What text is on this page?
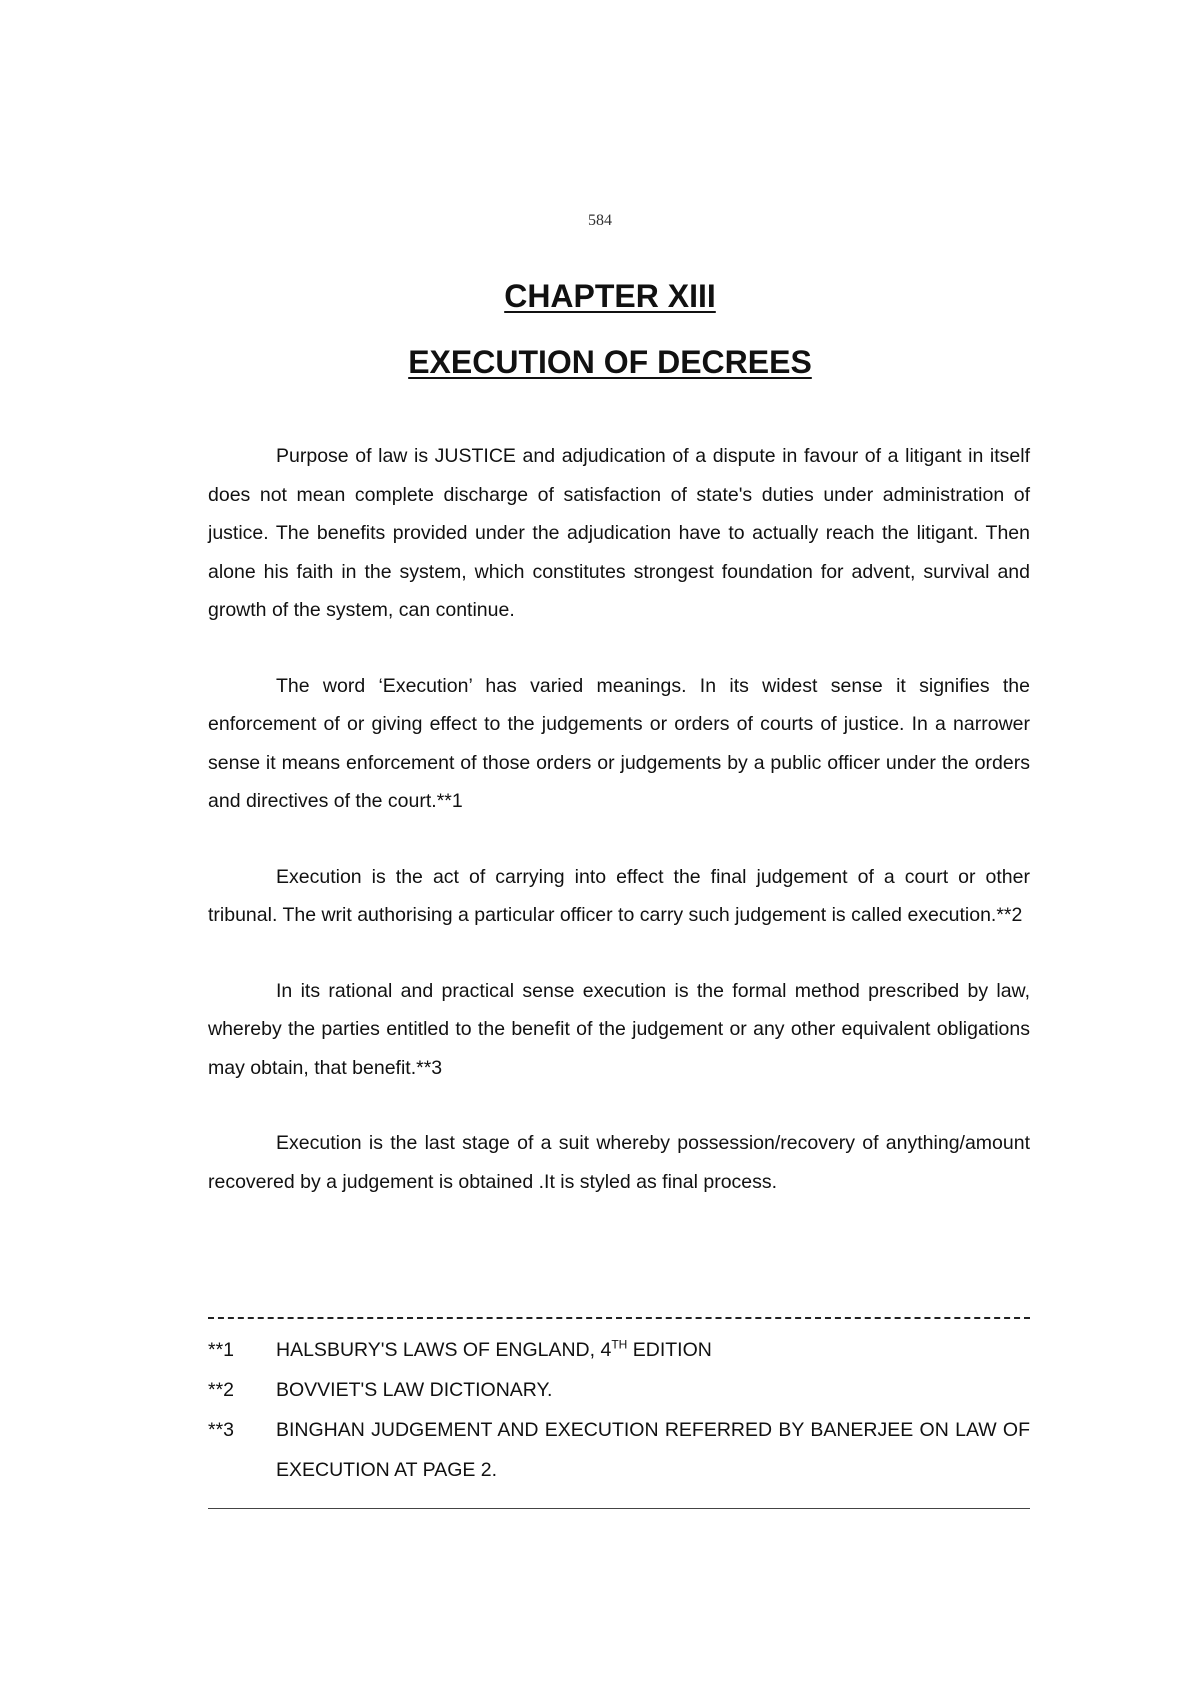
584
CHAPTER XIII
EXECUTION OF DECREES

Purpose of law is JUSTICE and adjudication of a dispute in favour of a litigant in itself does not mean complete discharge of satisfaction of state's duties under administration of justice. The benefits provided under the adjudication have to actually reach the litigant. Then alone his faith in the system, which constitutes strongest foundation for advent, survival and growth of the system, can continue.

The word ‘Execution’ has varied meanings. In its widest sense it signifies the enforcement of or giving effect to the judgements or orders of courts of justice. In a narrower sense it means enforcement of those orders or judgements by a public officer under the orders and directives of the court.**1

Execution is the act of carrying into effect the final judgement of a court or other tribunal. The writ authorising a particular officer to carry such judgement is called execution.**2

In its rational and practical sense execution is the formal method prescribed by law, whereby the parties entitled to the benefit of the judgement or any other equivalent obligations may obtain, that benefit.**3

Execution is the last stage of a suit whereby possession/recovery of anything/amount recovered by a judgement is obtained .It is styled as final process.

**1	HALSBURY'S LAWS OF ENGLAND, 4TH EDITION
**2	BOVVIET'S LAW DICTIONARY.
**3	BINGHAN JUDGEMENT AND EXECUTION REFERRED BY BANERJEE ON LAW OF EXECUTION AT PAGE 2.
